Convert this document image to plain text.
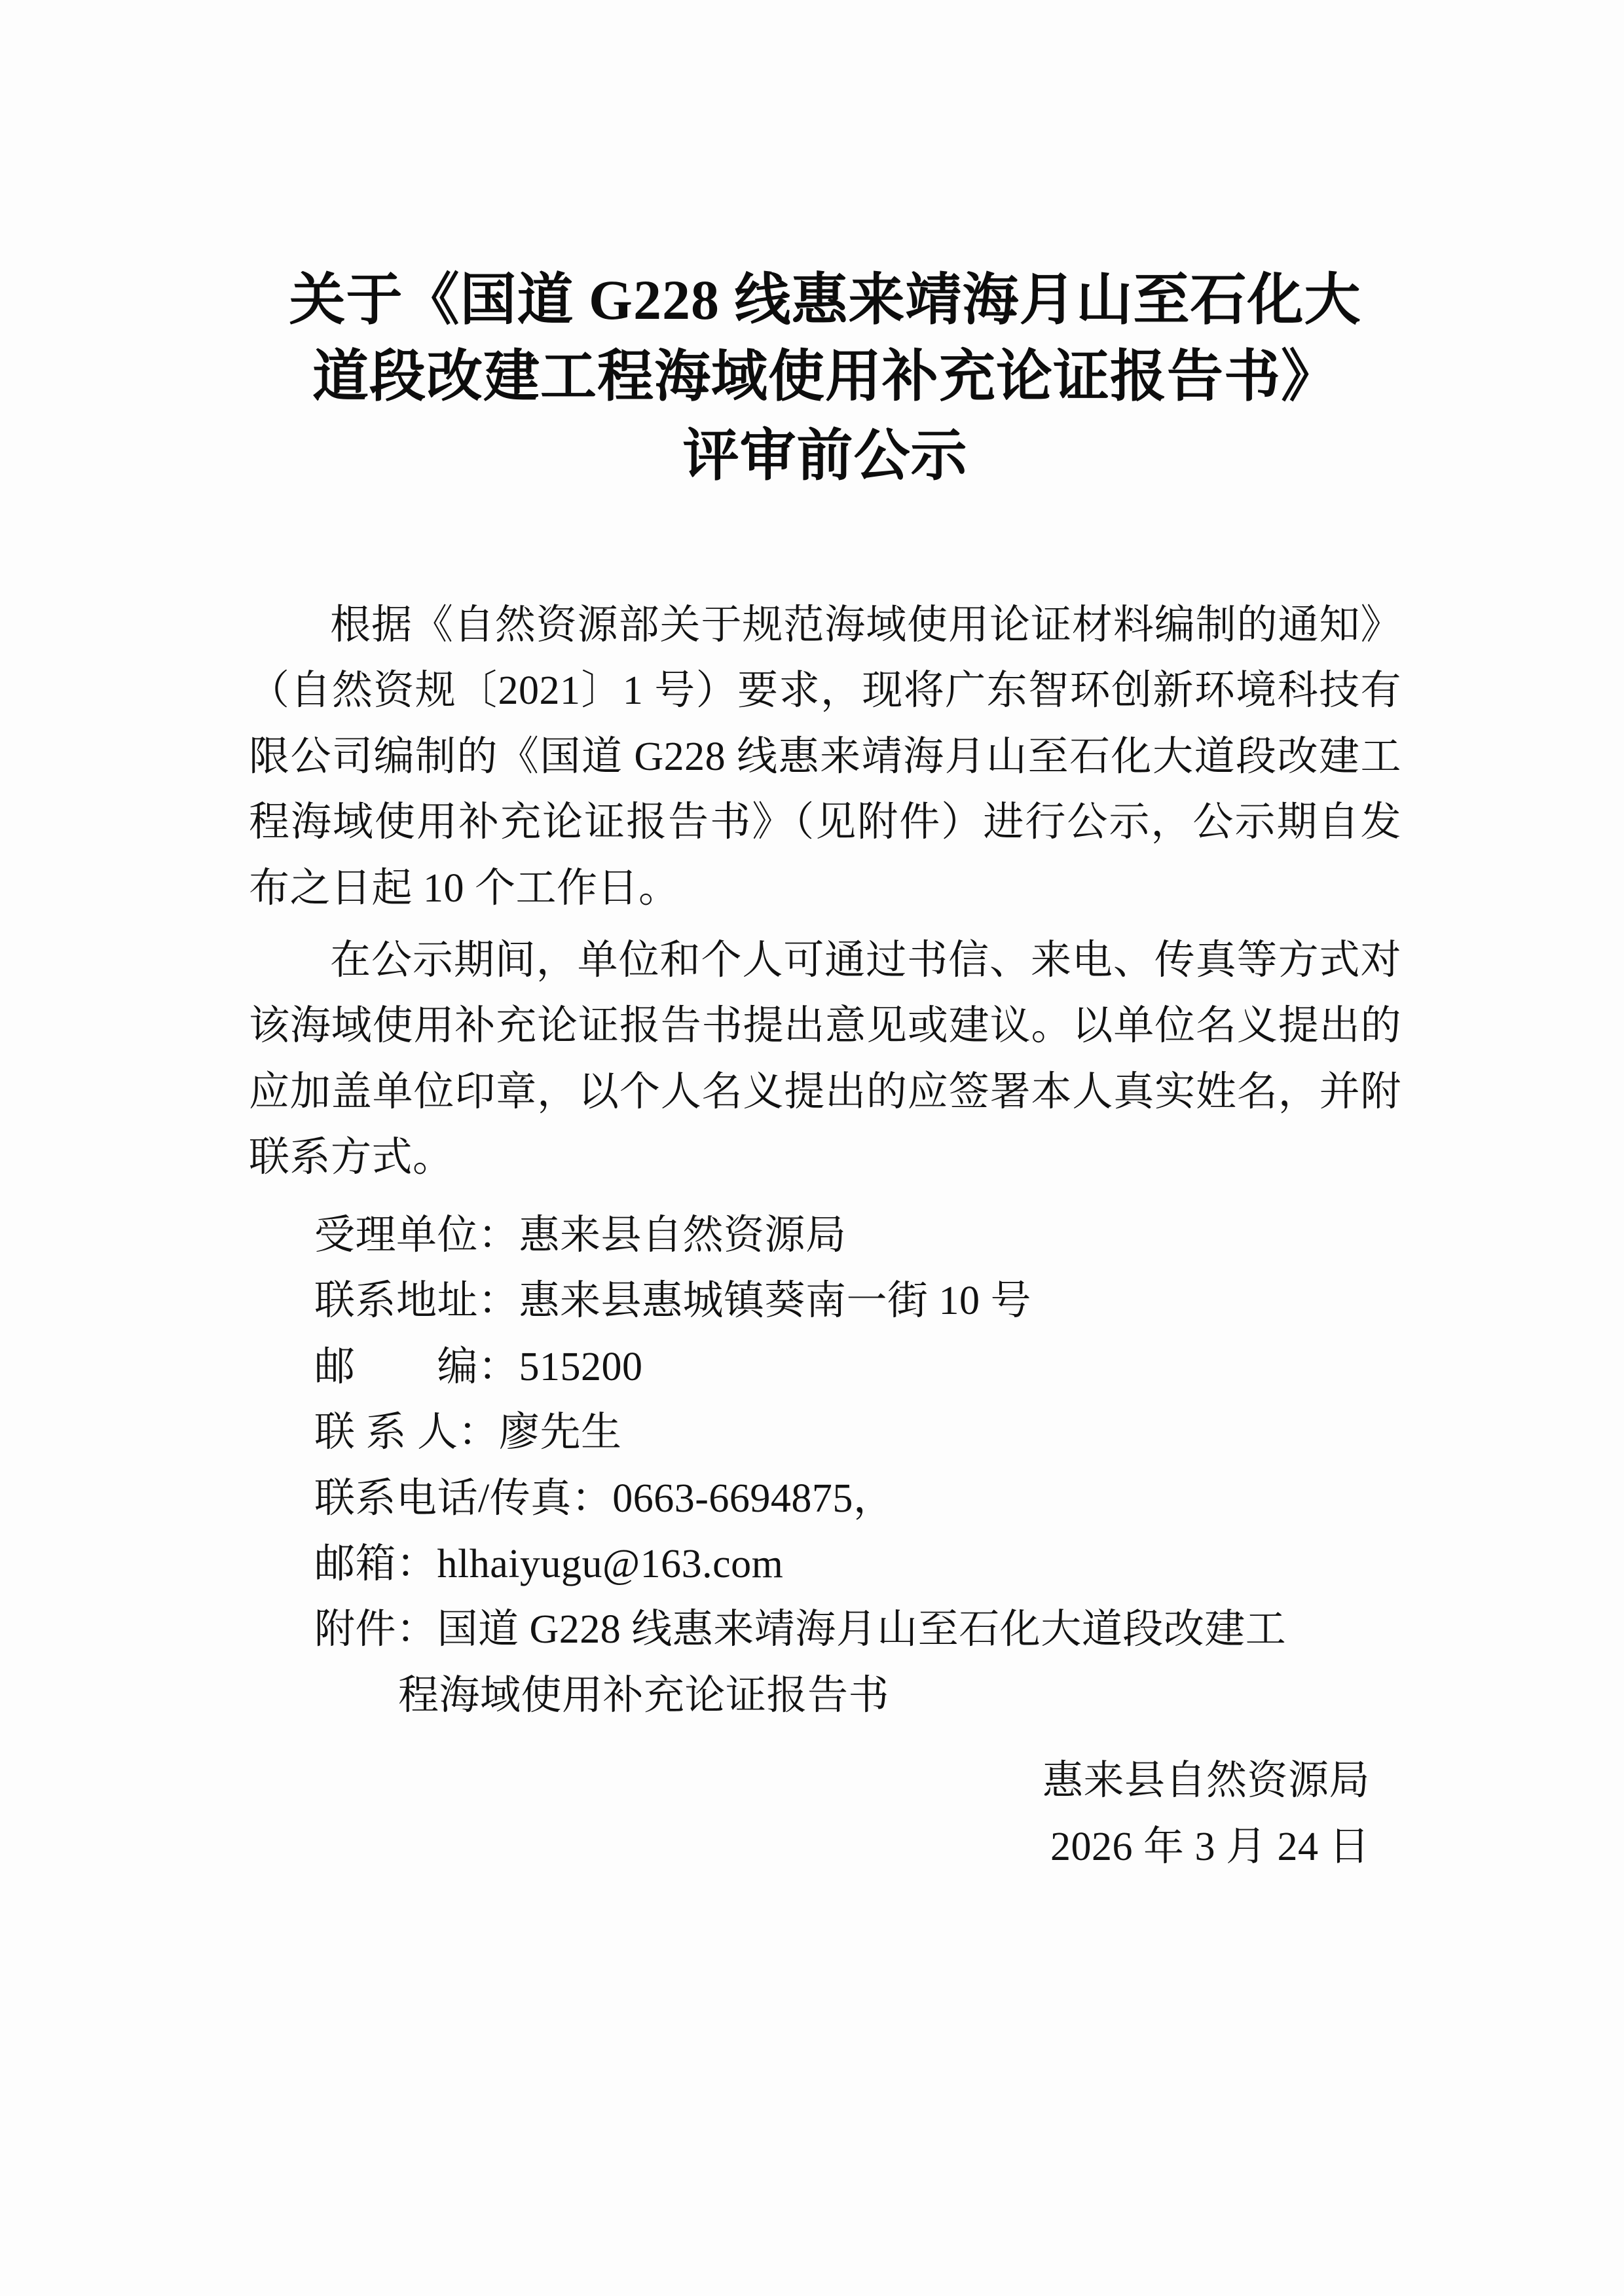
关于《国道 G228 线惠来靖海月山至石化大
道段改建工程海域使用补充论证报告书》
评审前公示

根据《自然资源部关于规范海域使用论证材料编制的通知》（自然资规〔2021〕1 号）要求，现将广东智环创新环境科技有限公司编制的《国道 G228 线惠来靖海月山至石化大道段改建工程海域使用补充论证报告书》（见附件）进行公示，公示期自发布之日起 10 个工作日。

在公示期间，单位和个人可通过书信、来电、传真等方式对该海域使用补充论证报告书提出意见或建议。以单位名义提出的应加盖单位印章，以个人名义提出的应签署本人真实姓名，并附联系方式。

受理单位：惠来县自然资源局

联系地址：惠来县惠城镇葵南一街 10 号

邮　　编：515200

联 系 人：廖先生

联系电话/传真：0663-6694875，

邮箱：hlhaiyugu@163.com

附件：国道 G228 线惠来靖海月山至石化大道段改建工

程海域使用补充论证报告书

惠来县自然资源局

2026 年 3 月 24 日
